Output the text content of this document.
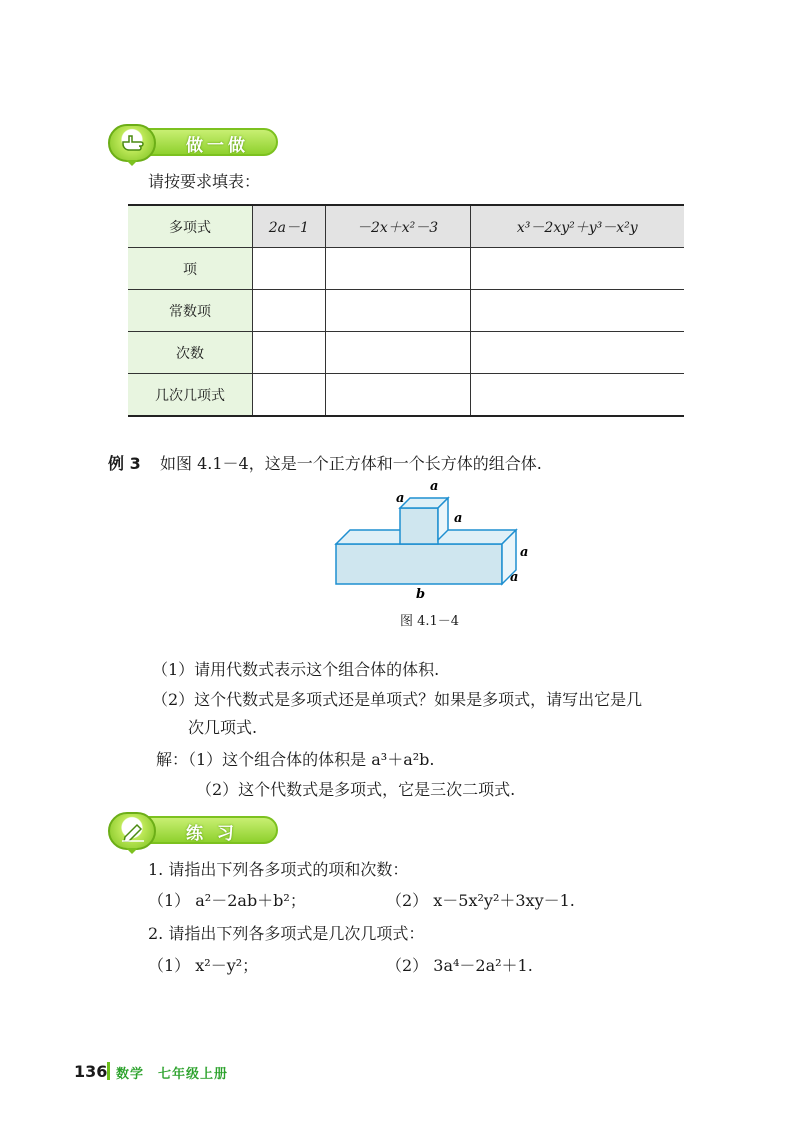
做一做
请按要求填表：
多项式	2a－1	－2x＋x²－3	x³－2xy²＋y³－x²y
项			
常数项			
次数			
几次几项式			
例 3 如图 4.1－4，这是一个正方体和一个长方体的组合体.
a
a
a
a
a
b
图 4.1－4
（1）请用代数式表示这个组合体的体积.
（2）这个代数式是多项式还是单项式？如果是多项式，请写出它是几
次几项式.
解：（1）这个组合体的体积是 a³＋a²b.
（2）这个代数式是多项式，它是三次二项式.
练 习
1. 请指出下列各多项式的项和次数：
（1） a²－2ab＋b²；	（2） x－5x²y²＋3xy－1.
2. 请指出下列各多项式是几次几项式：
（1） x²－y²；	（2） 3a⁴－2a²＋1.
136 数学　七年级上册
